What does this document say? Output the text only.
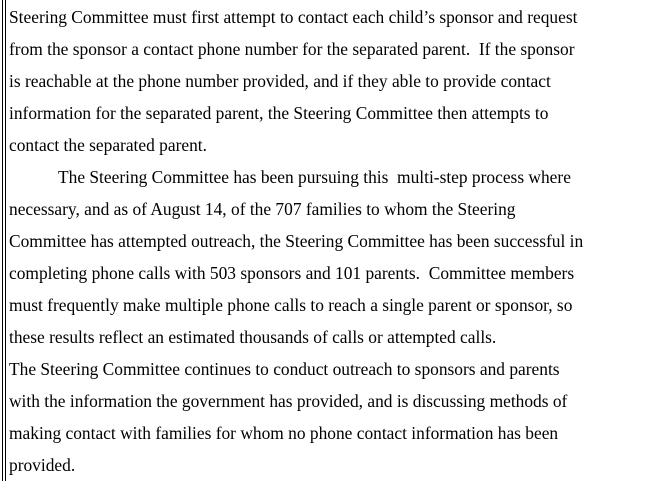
Steering Committee must first attempt to contact each child’s sponsor and request
from the sponsor a contact phone number for the separated parent.  If the sponsor
is reachable at the phone number provided, and if they able to provide contact
information for the separated parent, the Steering Committee then attempts to
contact the separated parent.
The Steering Committee has been pursuing this  multi-step process where
necessary, and as of August 14, of the 707 families to whom the Steering
Committee has attempted outreach, the Steering Committee has been successful in
completing phone calls with 503 sponsors and 101 parents.  Committee members
must frequently make multiple phone calls to reach a single parent or sponsor, so
these results reflect an estimated thousands of calls or attempted calls.
The Steering Committee continues to conduct outreach to sponsors and parents
with the information the government has provided, and is discussing methods of
making contact with families for whom no phone contact information has been
provided.
